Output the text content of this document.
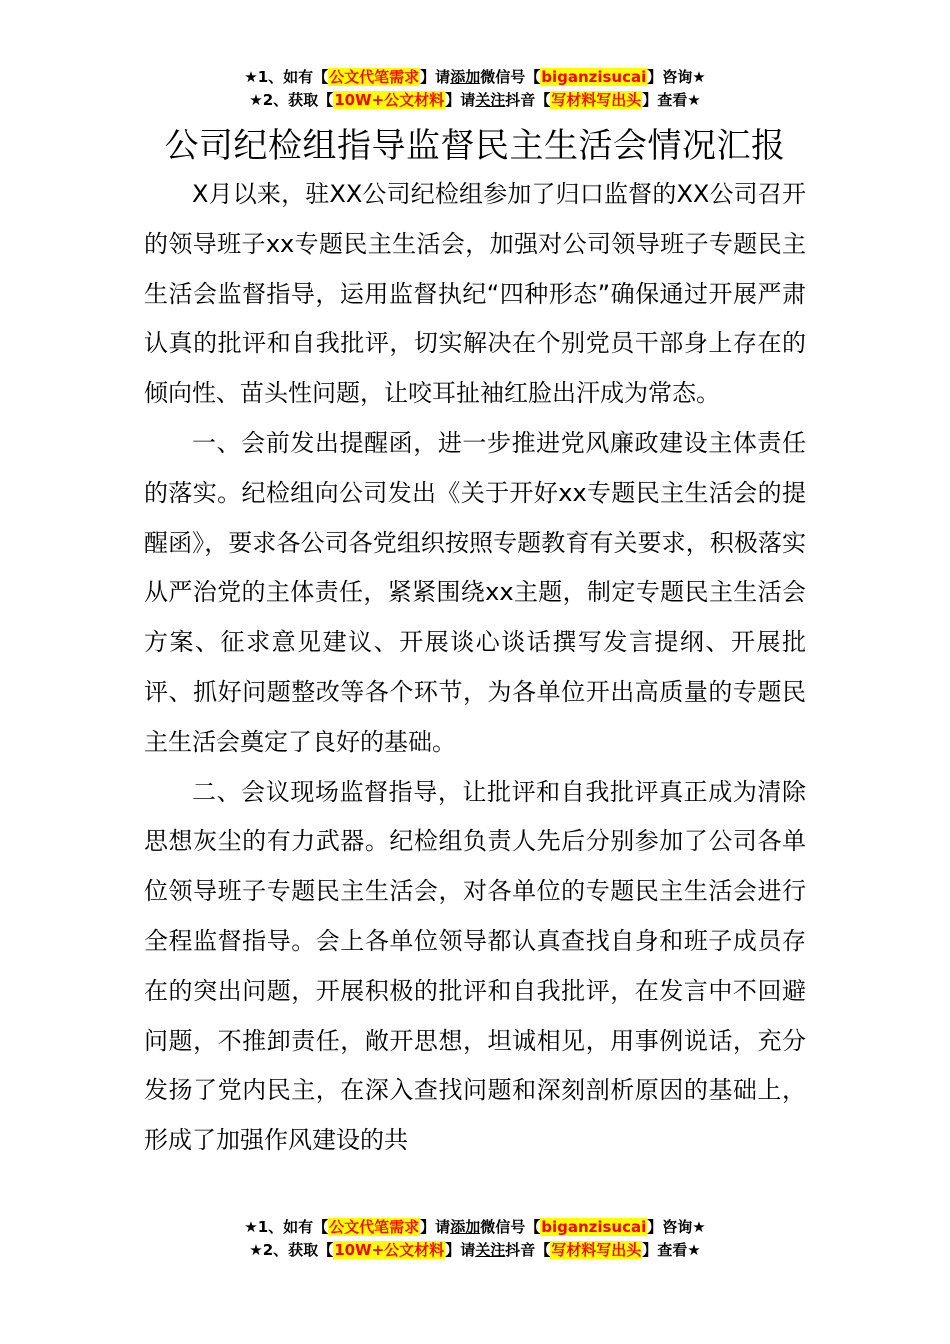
★1、如有【公文代笔需求】请添加微信号【biganzisucai】咨询★
★2、获取【10W+公文材料】请关注抖音【写材料写出头】查看★
公司纪检组指导监督民主生活会情况汇报

X月以来，驻XX公司纪检组参加了归口监督的XX公司召开的领导班子xx专题民主生活会，加强对公司领导班子专题民主生活会监督指导，运用监督执纪“四种形态”确保通过开展严肃认真的批评和自我批评，切实解决在个别党员干部身上存在的倾向性、苗头性问题，让咬耳扯袖红脸出汗成为常态。

一、会前发出提醒函，进一步推进党风廉政建设主体责任的落实。纪检组向公司发出《关于开好xx专题民主生活会的提醒函》，要求各公司各党组织按照专题教育有关要求，积极落实从严治党的主体责任，紧紧围绕xx主题，制定专题民主生活会方案、征求意见建议、开展谈心谈话撰写发言提纲、开展批评、抓好问题整改等各个环节，为各单位开出高质量的专题民主生活会奠定了良好的基础。

二、会议现场监督指导，让批评和自我批评真正成为清除思想灰尘的有力武器。纪检组负责人先后分别参加了公司各单位领导班子专题民主生活会，对各单位的专题民主生活会进行全程监督指导。会上各单位领导都认真查找自身和班子成员存在的突出问题，开展积极的批评和自我批评，在发言中不回避问题，不推卸责任，敞开思想，坦诚相见，用事例说话，充分发扬了党内民主，在深入查找问题和深刻剖析原因的基础上，形成了加强作风建设的共

★1、如有【公文代笔需求】请添加微信号【biganzisucai】咨询★
★2、获取【10W+公文材料】请关注抖音【写材料写出头】查看★
